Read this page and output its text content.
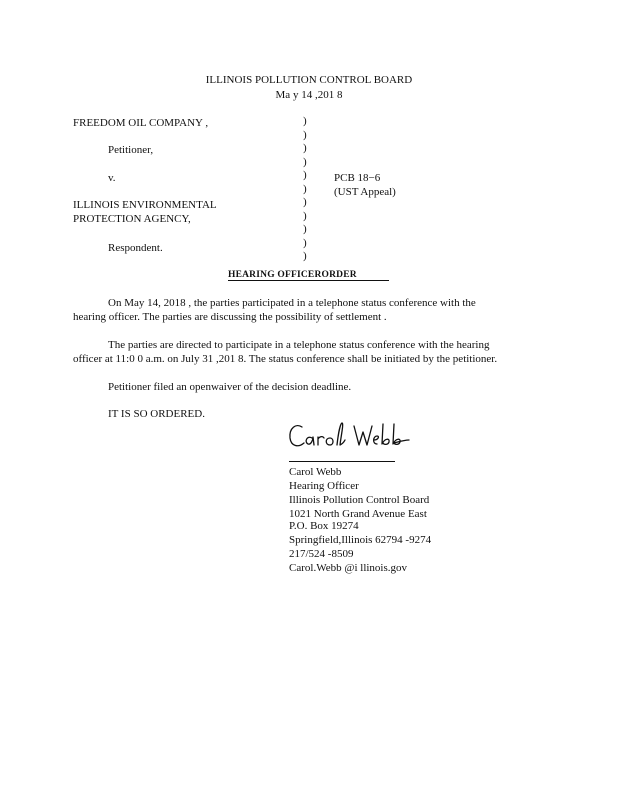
ILLINOIS POLLUTION CONTROL BOARD
Ma y 14 ,201 8
FREEDOM OIL COMPANY ,
Petitioner,
v.
ILLINOIS ENVIRONMENTAL
PROTECTION AGENCY,
Respondent.
)
)
)
)
)
)
)
)
)
)
)
PCB 18−6
(UST Appeal)
HEARING OFFICERORDER
On May 14, 2018 , the parties participated in a telephone status conference with the
hearing officer. The parties are discussing the possibility of settlement .
The parties are directed to participate in a telephone status conference with the hearing
officer at 11:0 0 a.m. on July 31 ,201 8. The status conference shall be initiated by the petitioner.
Petitioner filed an openwaiver of the decision deadline.
IT IS SO ORDERED.
Carol Webb
Hearing Officer
Illinois Pollution Control Board
1021 North Grand Avenue East
P.O. Box 19274
Springfield,Illinois 62794 -9274
217/524 -8509
Carol.Webb @i llinois.gov
